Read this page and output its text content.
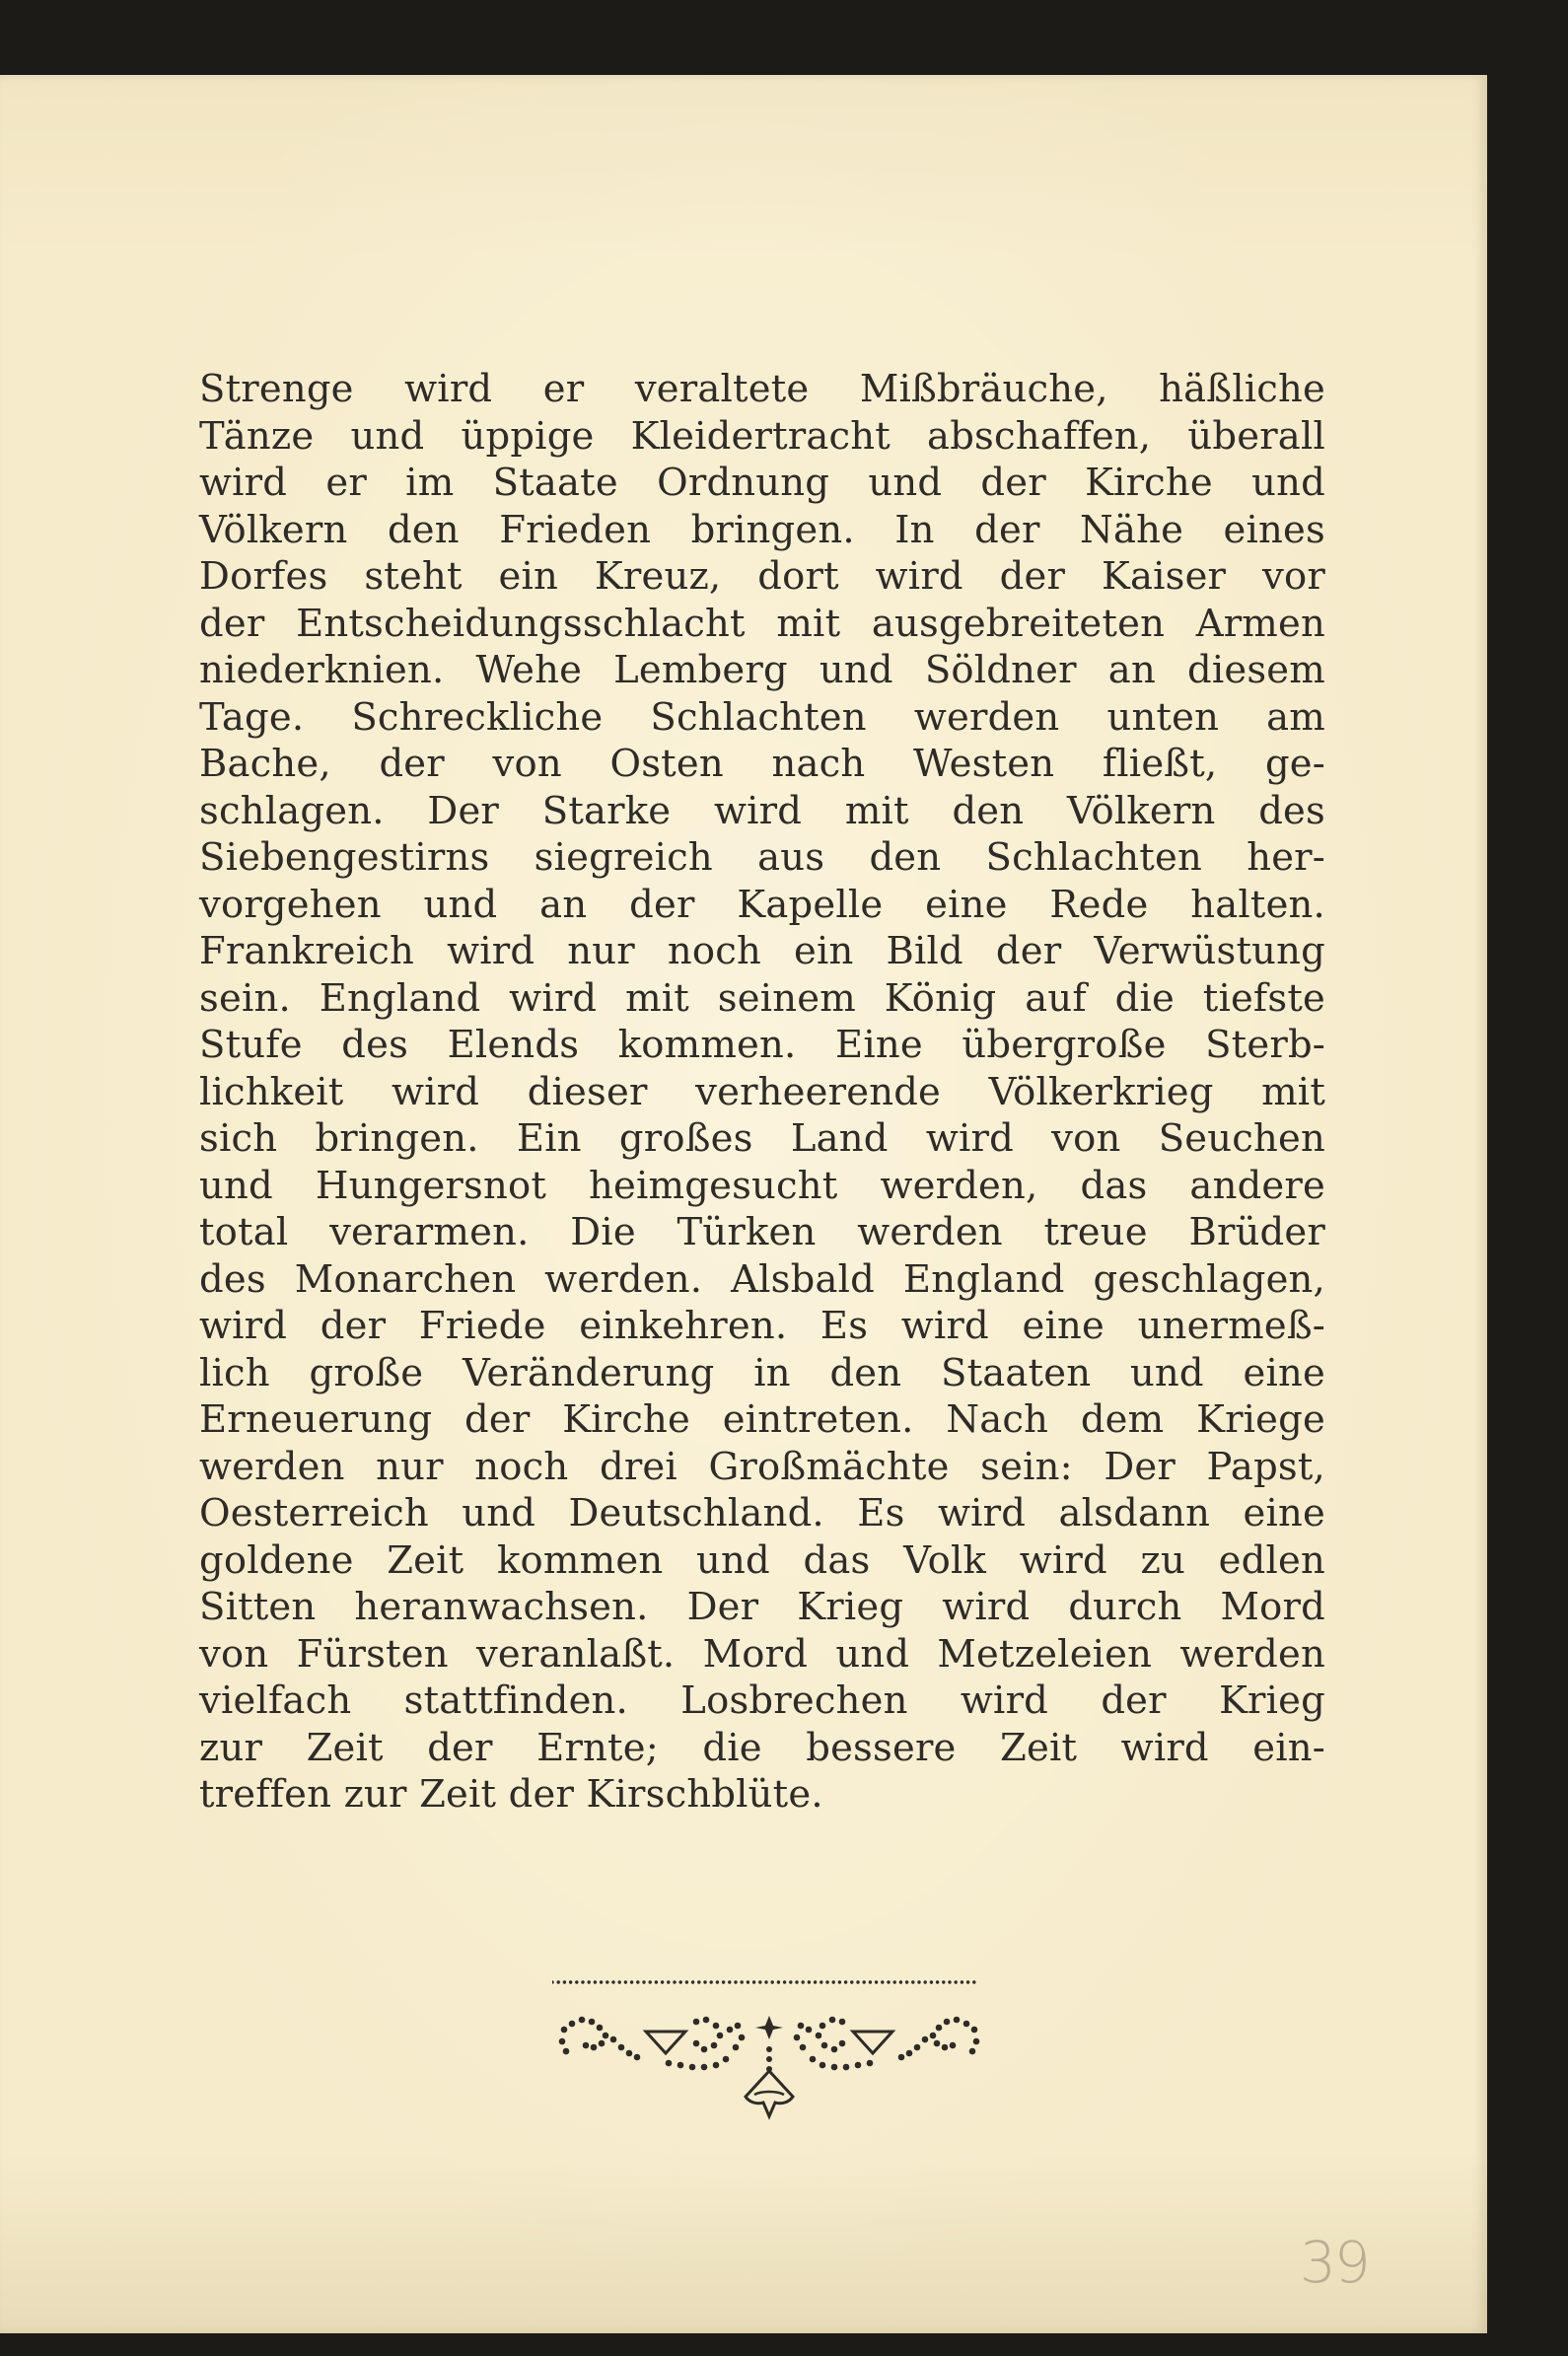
Strenge wird er veraltete Mißbräuche, häßliche
Tänze und üppige Kleidertracht abschaffen, überall
wird er im Staate Ordnung und der Kirche und
Völkern den Frieden bringen. In der Nähe eines
Dorfes steht ein Kreuz, dort wird der Kaiser vor
der Entscheidungsschlacht mit ausgebreiteten Armen
niederknien. Wehe Lemberg und Söldner an diesem
Tage. Schreckliche Schlachten werden unten am
Bache, der von Osten nach Westen fließt, ge-
schlagen. Der Starke wird mit den Völkern des
Siebengestirns siegreich aus den Schlachten her-
vorgehen und an der Kapelle eine Rede halten.
Frankreich wird nur noch ein Bild der Verwüstung
sein. England wird mit seinem König auf die tiefste
Stufe des Elends kommen. Eine übergroße Sterb-
lichkeit wird dieser verheerende Völkerkrieg mit
sich bringen. Ein großes Land wird von Seuchen
und Hungersnot heimgesucht werden, das andere
total verarmen. Die Türken werden treue Brüder
des Monarchen werden. Alsbald England geschlagen,
wird der Friede einkehren. Es wird eine unermeß-
lich große Veränderung in den Staaten und eine
Erneuerung der Kirche eintreten. Nach dem Kriege
werden nur noch drei Großmächte sein: Der Papst,
Oesterreich und Deutschland. Es wird alsdann eine
goldene Zeit kommen und das Volk wird zu edlen
Sitten heranwachsen. Der Krieg wird durch Mord
von Fürsten veranlaßt. Mord und Metzeleien werden
vielfach stattfinden. Losbrechen wird der Krieg
zur Zeit der Ernte; die bessere Zeit wird ein-
treffen zur Zeit der Kirschblüte.
39
